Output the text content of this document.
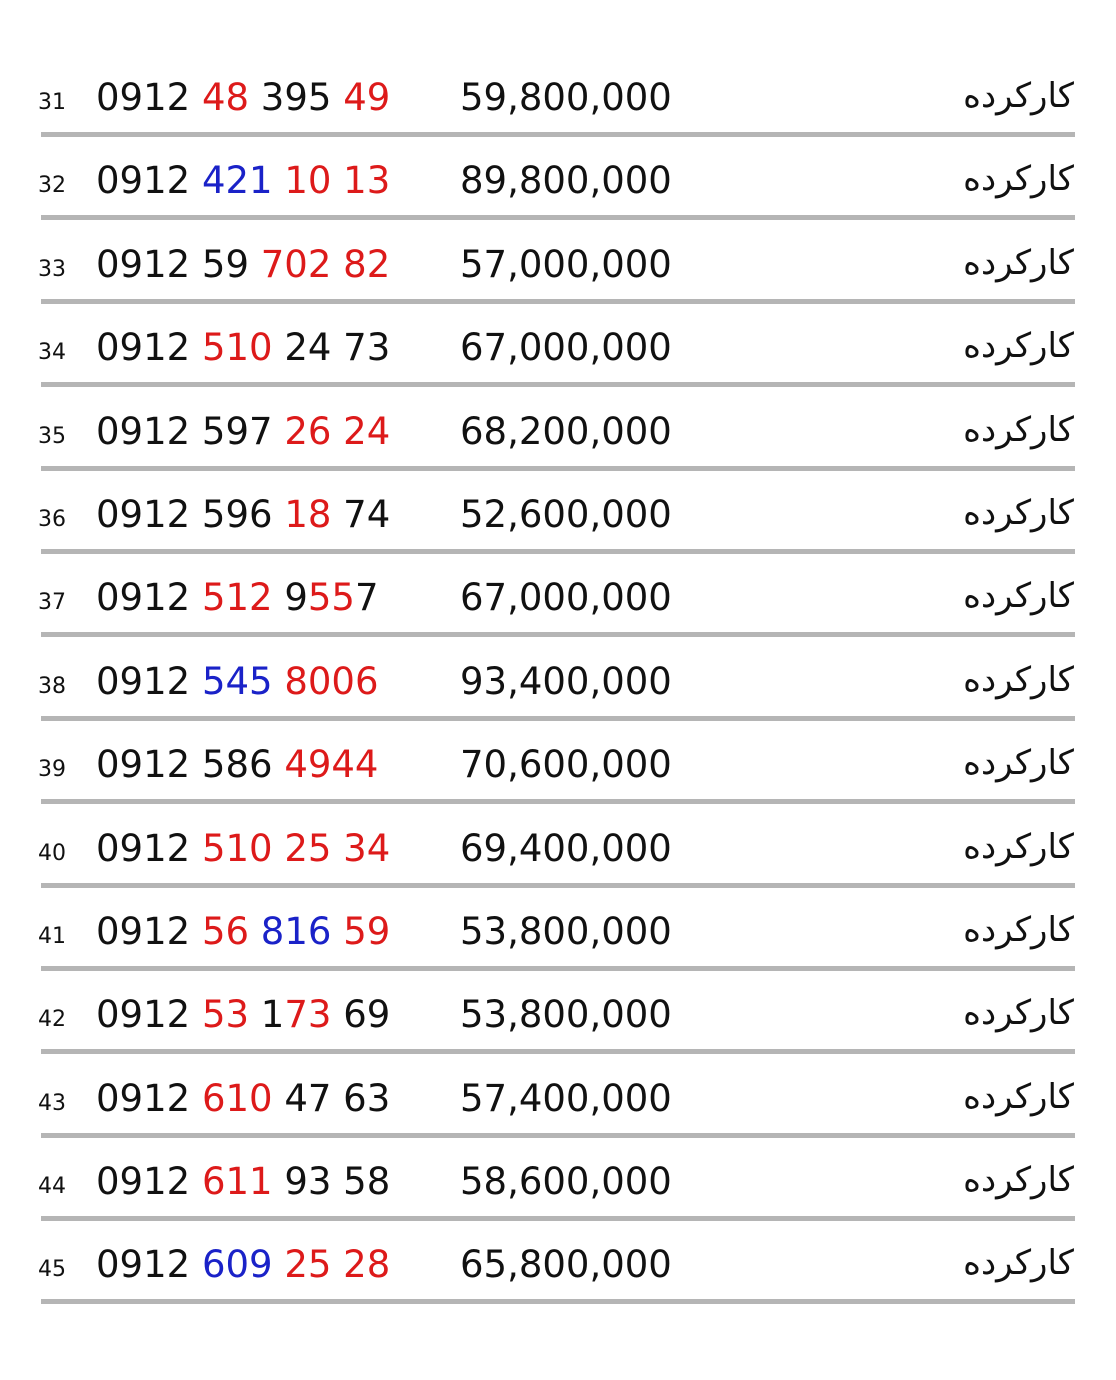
31 0912 48 395 49 59,800,000	کارکرده
32 0912 421 10 13 89,800,000	کارکرده
33 0912 59 702 82 57,000,000	کارکرده
34 0912 510 24 73 67,000,000	کارکرده
35 0912 597 26 24 68,200,000	کارکرده
36 0912 596 18 74 52,600,000	کارکرده
37 0912 512 9557 67,000,000	کارکرده
38 0912 545 8006 93,400,000	کارکرده
39 0912 586 4944 70,600,000	کارکرده
40 0912 510 25 34 69,400,000	کارکرده
41 0912 56 816 59 53,800,000	کارکرده
42 0912 53 173 69 53,800,000	کارکرده
43 0912 610 47 63 57,400,000	کارکرده
44 0912 611 93 58 58,600,000	کارکرده
45 0912 609 25 28 65,800,000	کارکرده
